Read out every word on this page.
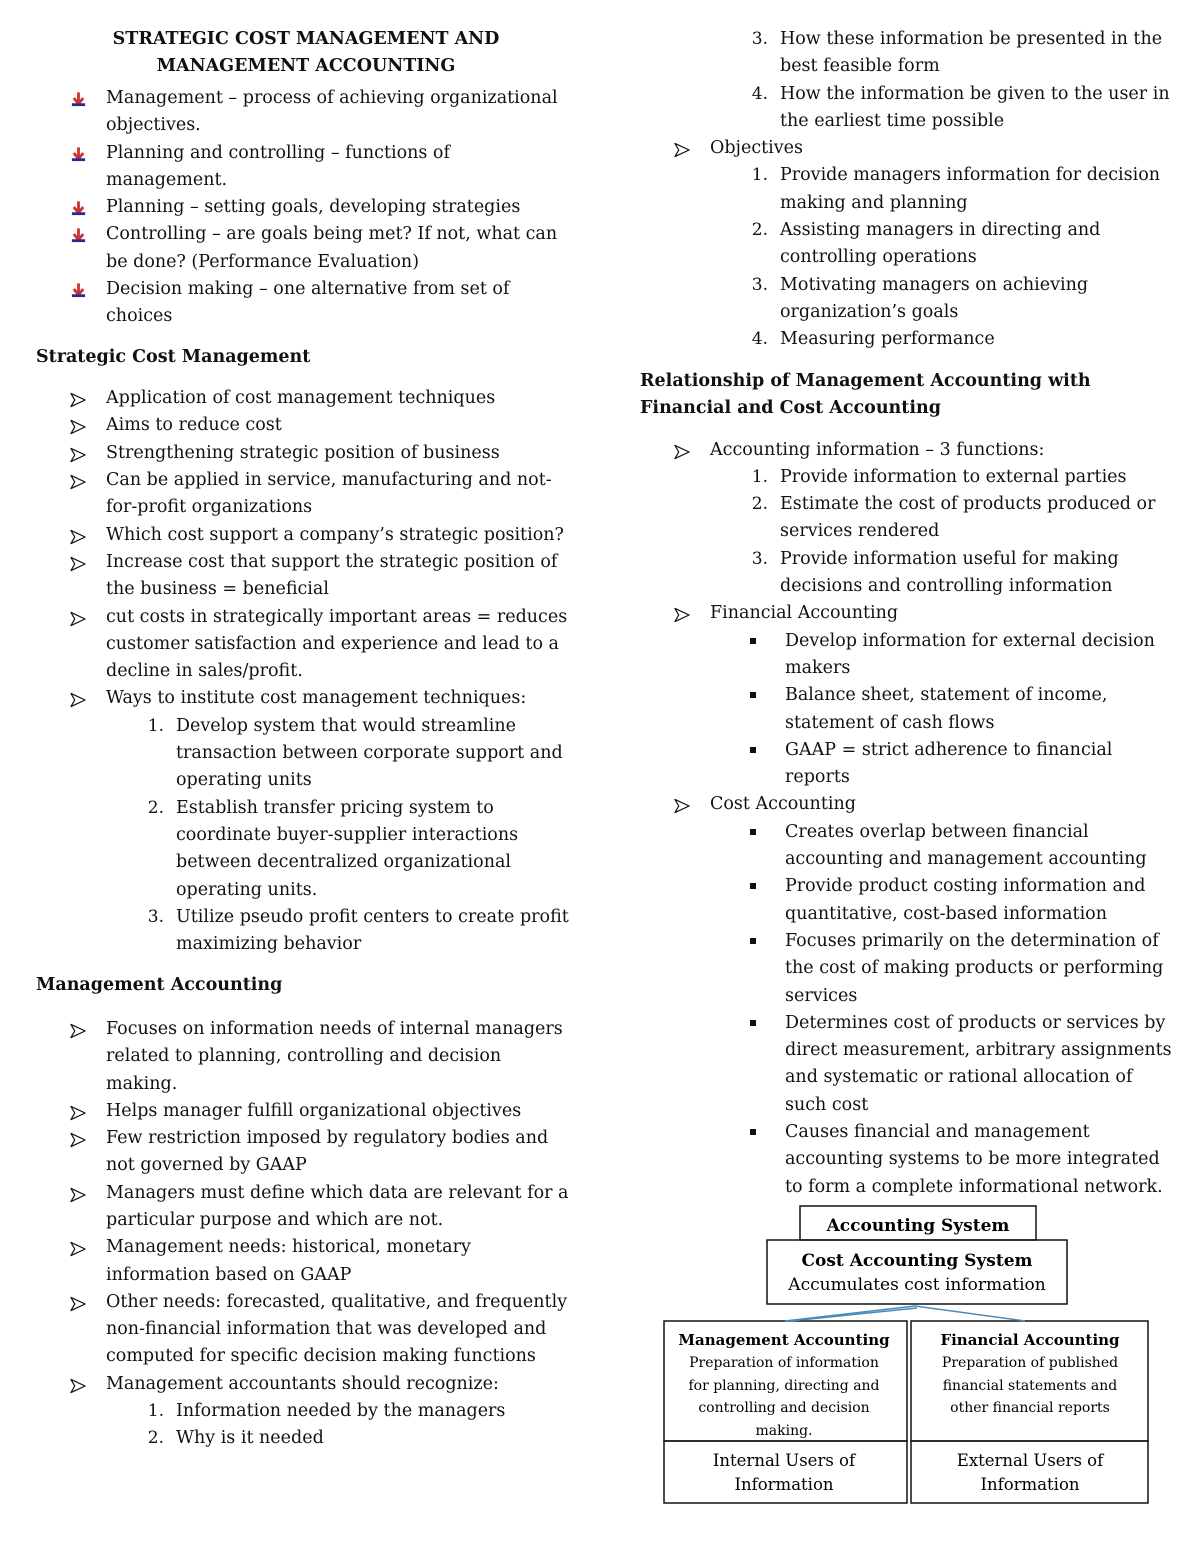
STRATEGIC COST MANAGEMENT AND MANAGEMENT ACCOUNTING
Management – process of achieving organizational objectives.
Planning and controlling – functions of management.
Planning – setting goals, developing strategies
Controlling – are goals being met? If not, what can be done? (Performance Evaluation)
Decision making – one alternative from set of choices
Strategic Cost Management
Application of cost management techniques
Aims to reduce cost
Strengthening strategic position of business
Can be applied in service, manufacturing and not-for-profit organizations
Which cost support a company’s strategic position?
Increase cost that support the strategic position of the business = beneficial
cut costs in strategically important areas = reduces customer satisfaction and experience and lead to a decline in sales/profit.
Ways to institute cost management techniques:
1. Develop system that would streamline transaction between corporate support and operating units
2. Establish transfer pricing system to coordinate buyer-supplier interactions between decentralized organizational operating units.
3. Utilize pseudo profit centers to create profit maximizing behavior
Management Accounting
Focuses on information needs of internal managers related to planning, controlling and decision making.
Helps manager fulfill organizational objectives
Few restriction imposed by regulatory bodies and not governed by GAAP
Managers must define which data are relevant for a particular purpose and which are not.
Management needs: historical, monetary information based on GAAP
Other needs: forecasted, qualitative, and frequently non-financial information that was developed and computed for specific decision making functions
Management accountants should recognize:
1. Information needed by the managers
2. Why is it needed
3. How these information be presented in the best feasible form
4. How the information be given to the user in the earliest time possible
Objectives
1. Provide managers information for decision making and planning
2. Assisting managers in directing and controlling operations
3. Motivating managers on achieving organization’s goals
4. Measuring performance
Relationship of Management Accounting with Financial and Cost Accounting
Accounting information – 3 functions:
1. Provide information to external parties
2. Estimate the cost of products produced or services rendered
3. Provide information useful for making decisions and controlling information
Financial Accounting
Develop information for external decision makers
Balance sheet, statement of income, statement of cash flows
GAAP = strict adherence to financial reports
Cost Accounting
Creates overlap between financial accounting and management accounting
Provide product costing information and quantitative, cost-based information
Focuses primarily on the determination of the cost of making products or performing services
Determines cost of products or services by direct measurement, arbitrary assignments and systematic or rational allocation of such cost
Causes financial and management accounting systems to be more integrated to form a complete informational network.
Accounting System
Cost Accounting System
Accumulates cost information
Management Accounting
Preparation of information
for planning, directing and
controlling and decision
making.
Financial Accounting
Preparation of published
financial statements and
other financial reports
Internal Users of
Information
External Users of
Information
